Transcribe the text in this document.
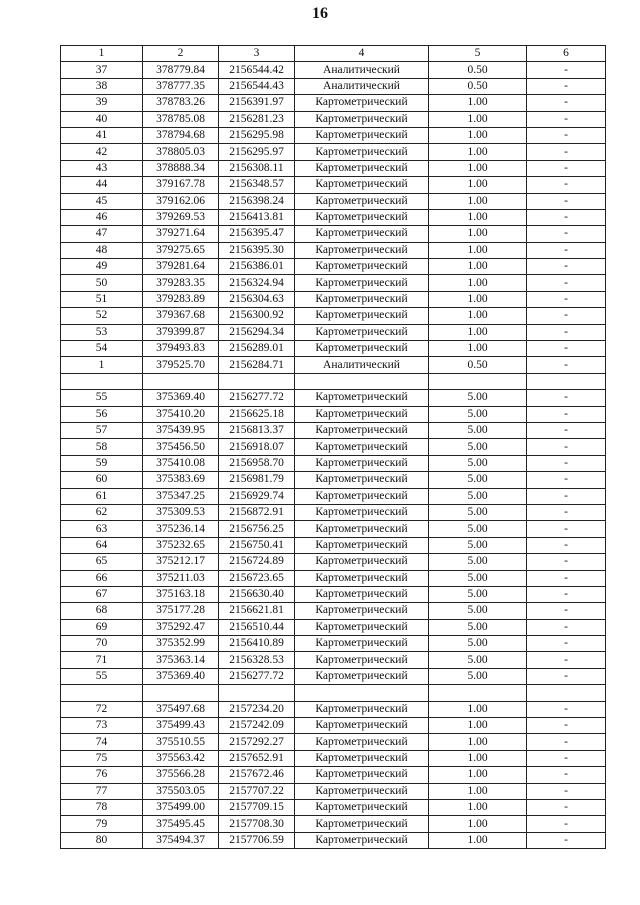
16
1	2	3	4	5	6
37	378779.84	2156544.42	Аналитический	0.50	-
38	378777.35	2156544.43	Аналитический	0.50	-
39	378783.26	2156391.97	Картометрический	1.00	-
40	378785.08	2156281.23	Картометрический	1.00	-
41	378794.68	2156295.98	Картометрический	1.00	-
42	378805.03	2156295.97	Картометрический	1.00	-
43	378888.34	2156308.11	Картометрический	1.00	-
44	379167.78	2156348.57	Картометрический	1.00	-
45	379162.06	2156398.24	Картометрический	1.00	-
46	379269.53	2156413.81	Картометрический	1.00	-
47	379271.64	2156395.47	Картометрический	1.00	-
48	379275.65	2156395.30	Картометрический	1.00	-
49	379281.64	2156386.01	Картометрический	1.00	-
50	379283.35	2156324.94	Картометрический	1.00	-
51	379283.89	2156304.63	Картометрический	1.00	-
52	379367.68	2156300.92	Картометрический	1.00	-
53	379399.87	2156294.34	Картометрический	1.00	-
54	379493.83	2156289.01	Картометрический	1.00	-
1	379525.70	2156284.71	Аналитический	0.50	-

55	375369.40	2156277.72	Картометрический	5.00	-
56	375410.20	2156625.18	Картометрический	5.00	-
57	375439.95	2156813.37	Картометрический	5.00	-
58	375456.50	2156918.07	Картометрический	5.00	-
59	375410.08	2156958.70	Картометрический	5.00	-
60	375383.69	2156981.79	Картометрический	5.00	-
61	375347.25	2156929.74	Картометрический	5.00	-
62	375309.53	2156872.91	Картометрический	5.00	-
63	375236.14	2156756.25	Картометрический	5.00	-
64	375232.65	2156750.41	Картометрический	5.00	-
65	375212.17	2156724.89	Картометрический	5.00	-
66	375211.03	2156723.65	Картометрический	5.00	-
67	375163.18	2156630.40	Картометрический	5.00	-
68	375177.28	2156621.81	Картометрический	5.00	-
69	375292.47	2156510.44	Картометрический	5.00	-
70	375352.99	2156410.89	Картометрический	5.00	-
71	375363.14	2156328.53	Картометрический	5.00	-
55	375369.40	2156277.72	Картометрический	5.00	-

72	375497.68	2157234.20	Картометрический	1.00	-
73	375499.43	2157242.09	Картометрический	1.00	-
74	375510.55	2157292.27	Картометрический	1.00	-
75	375563.42	2157652.91	Картометрический	1.00	-
76	375566.28	2157672.46	Картометрический	1.00	-
77	375503.05	2157707.22	Картометрический	1.00	-
78	375499.00	2157709.15	Картометрический	1.00	-
79	375495.45	2157708.30	Картометрический	1.00	-
80	375494.37	2157706.59	Картометрический	1.00	-
